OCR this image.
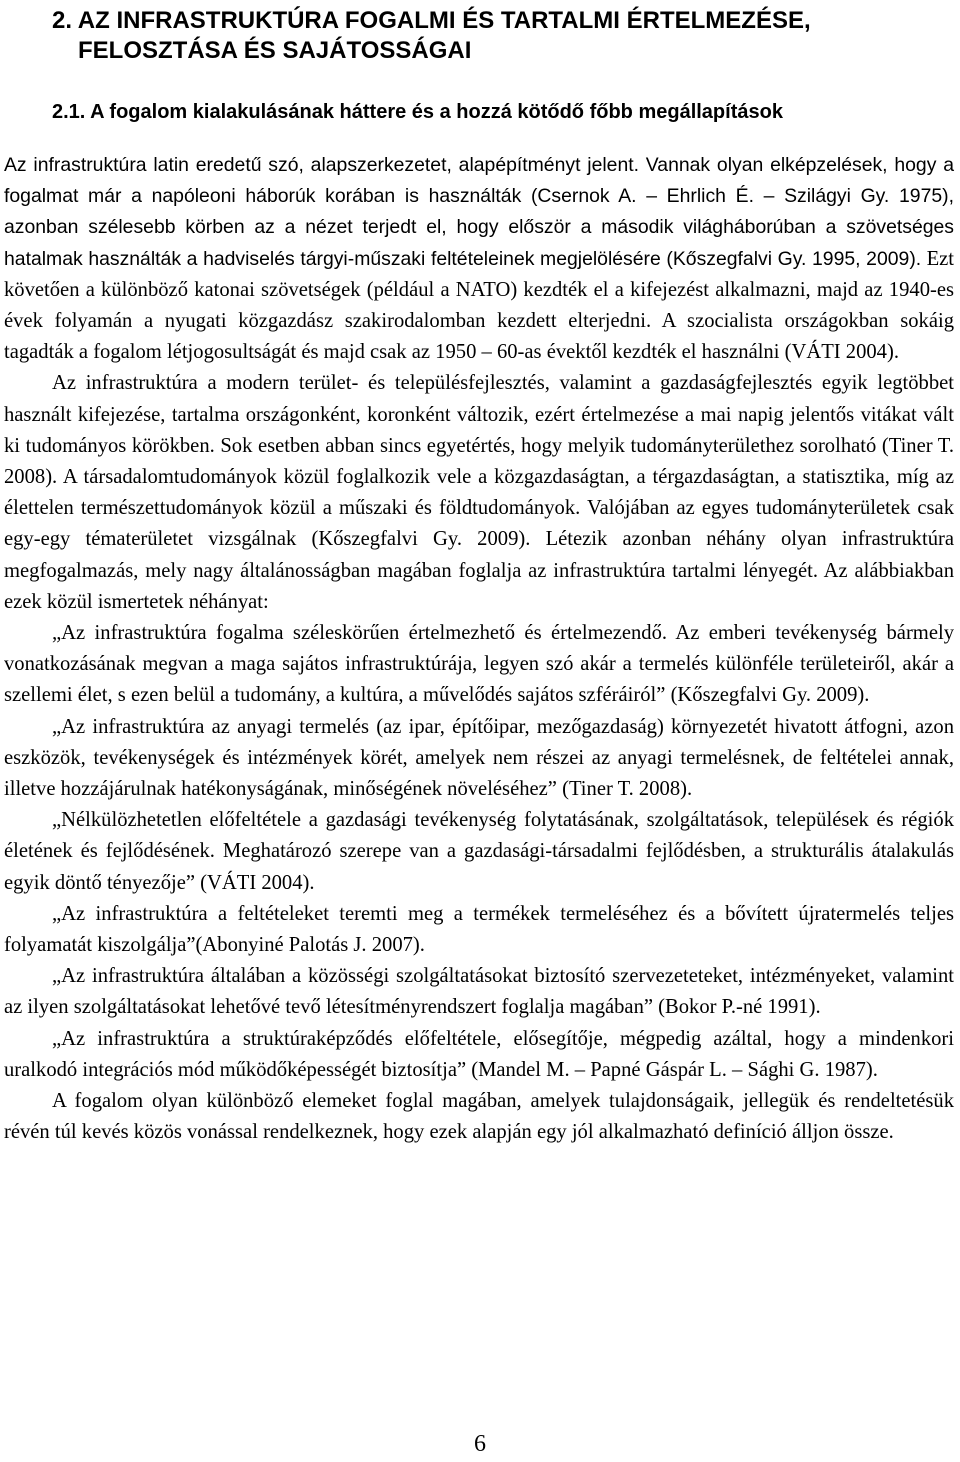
2. AZ INFRASTRUKTÚRA FOGALMI ÉS TARTALMI ÉRTELMEZÉSE,
FELOSZTÁSA ÉS SAJÁTOSSÁGAI
2.1. A fogalom kialakulásának háttere és a hozzá kötődő főbb megállapítások

Az infrastruktúra latin eredetű szó, alapszerkezetet, alapépítményt jelent. Vannak olyan elképzelések, hogy a fogalmat már a napóleoni háborúk korában is használták (Csernok A. – Ehrlich É. – Szilágyi Gy. 1975), azonban szélesebb körben az a nézet terjedt el, hogy először a második világháborúban a szövetséges hatalmak használták a hadviselés tárgyi-műszaki feltételeinek megjelölésére (Kőszegfalvi Gy. 1995, 2009). Ezt követően a különböző katonai szövetségek (például a NATO) kezdték el a kifejezést alkalmazni, majd az 1940-es évek folyamán a nyugati közgazdász szakirodalomban kezdett elterjedni. A szocialista országokban sokáig tagadták a fogalom létjogosultságát és majd csak az 1950 – 60-as évektől kezdték el használni (VÁTI 2004).

Az infrastruktúra a modern terület- és településfejlesztés, valamint a gazdaságfejlesztés egyik legtöbbet használt kifejezése, tartalma országonként, koronként változik, ezért értelmezése a mai napig jelentős vitákat vált ki tudományos körökben. Sok esetben abban sincs egyetértés, hogy melyik tudományterülethez sorolható (Tiner T. 2008). A társadalomtudományok közül foglalkozik vele a közgazdaságtan, a térgazdaságtan, a statisztika, míg az élettelen természettudományok közül a műszaki és földtudományok. Valójában az egyes tudományterületek csak egy-egy tématerületet vizsgálnak (Kőszegfalvi Gy. 2009). Létezik azonban néhány olyan infrastruktúra megfogalmazás, mely nagy általánosságban magában foglalja az infrastruktúra tartalmi lényegét. Az alábbiakban ezek közül ismertetek néhányat:

„Az infrastruktúra fogalma széleskörűen értelmezhető és értelmezendő. Az emberi tevékenység bármely vonatkozásának megvan a maga sajátos infrastruktúrája, legyen szó akár a termelés különféle területeiről, akár a szellemi élet, s ezen belül a tudomány, a kultúra, a művelődés sajátos szféráiról” (Kőszegfalvi Gy. 2009).

„Az infrastruktúra az anyagi termelés (az ipar, építőipar, mezőgazdaság) környezetét hivatott átfogni, azon eszközök, tevékenységek és intézmények körét, amelyek nem részei az anyagi termelésnek, de feltételei annak, illetve hozzájárulnak hatékonyságának, minőségének növeléséhez” (Tiner T. 2008).

„Nélkülözhetetlen előfeltétele a gazdasági tevékenység folytatásának, szolgáltatások, települések és régiók életének és fejlődésének. Meghatározó szerepe van a gazdasági-társadalmi fejlődésben, a strukturális átalakulás egyik döntő tényezője” (VÁTI 2004).

„Az infrastruktúra a feltételeket teremti meg a termékek termeléséhez és a bővített újratermelés teljes folyamatát kiszolgálja”(Abonyiné Palotás J. 2007).

„Az infrastruktúra általában a közösségi szolgáltatásokat biztosító szervezeteteket, intézményeket, valamint az ilyen szolgáltatásokat lehetővé tevő létesítményrendszert foglalja magában” (Bokor P.-né 1991).

„Az infrastruktúra a struktúraképződés előfeltétele, elősegítője, mégpedig azáltal, hogy a mindenkori uralkodó integrációs mód működőképességét biztosítja” (Mandel M. – Papné Gáspár L. – Sághi G. 1987).

A fogalom olyan különböző elemeket foglal magában, amelyek tulajdonságaik, jellegük és rendeltetésük révén túl kevés közös vonással rendelkeznek, hogy ezek alapján egy jól alkalmazható definíció álljon össze.

6
